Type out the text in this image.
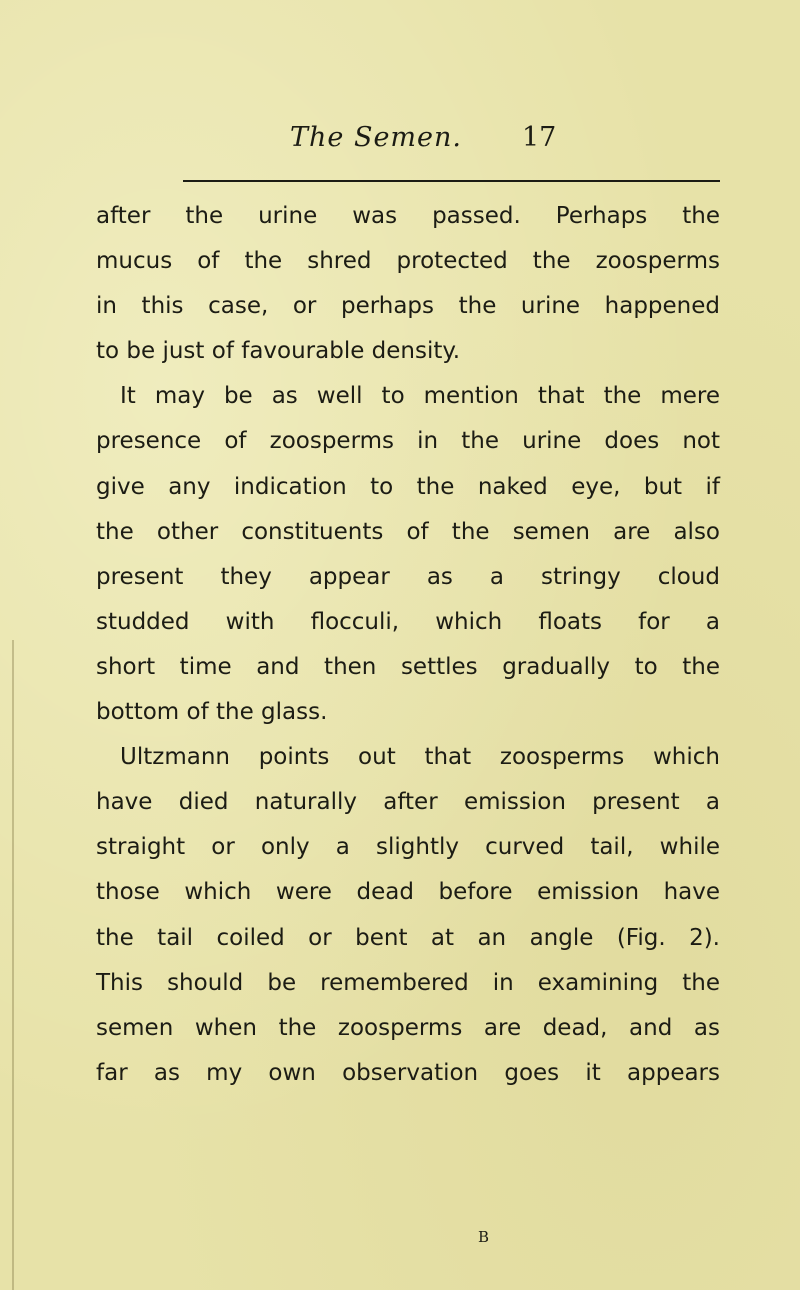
The Semen. 17
after the urine was passed. Perhaps the
mucus of the shred protected the zoosperms
in this case, or perhaps the urine happened
to be just of favourable density.
It may be as well to mention that the mere
presence of zoosperms in the urine does not
give any indication to the naked eye, but if
the other constituents of the semen are also
present they appear as a stringy cloud
studded with flocculi, which floats for a
short time and then settles gradually to the
bottom of the glass.
Ultzmann points out that zoosperms which
have died naturally after emission present a
straight or only a slightly curved tail, while
those which were dead before emission have
the tail coiled or bent at an angle (Fig. 2).
This should be remembered in examining the
semen when the zoosperms are dead, and as
far as my own observation goes it appears
B
